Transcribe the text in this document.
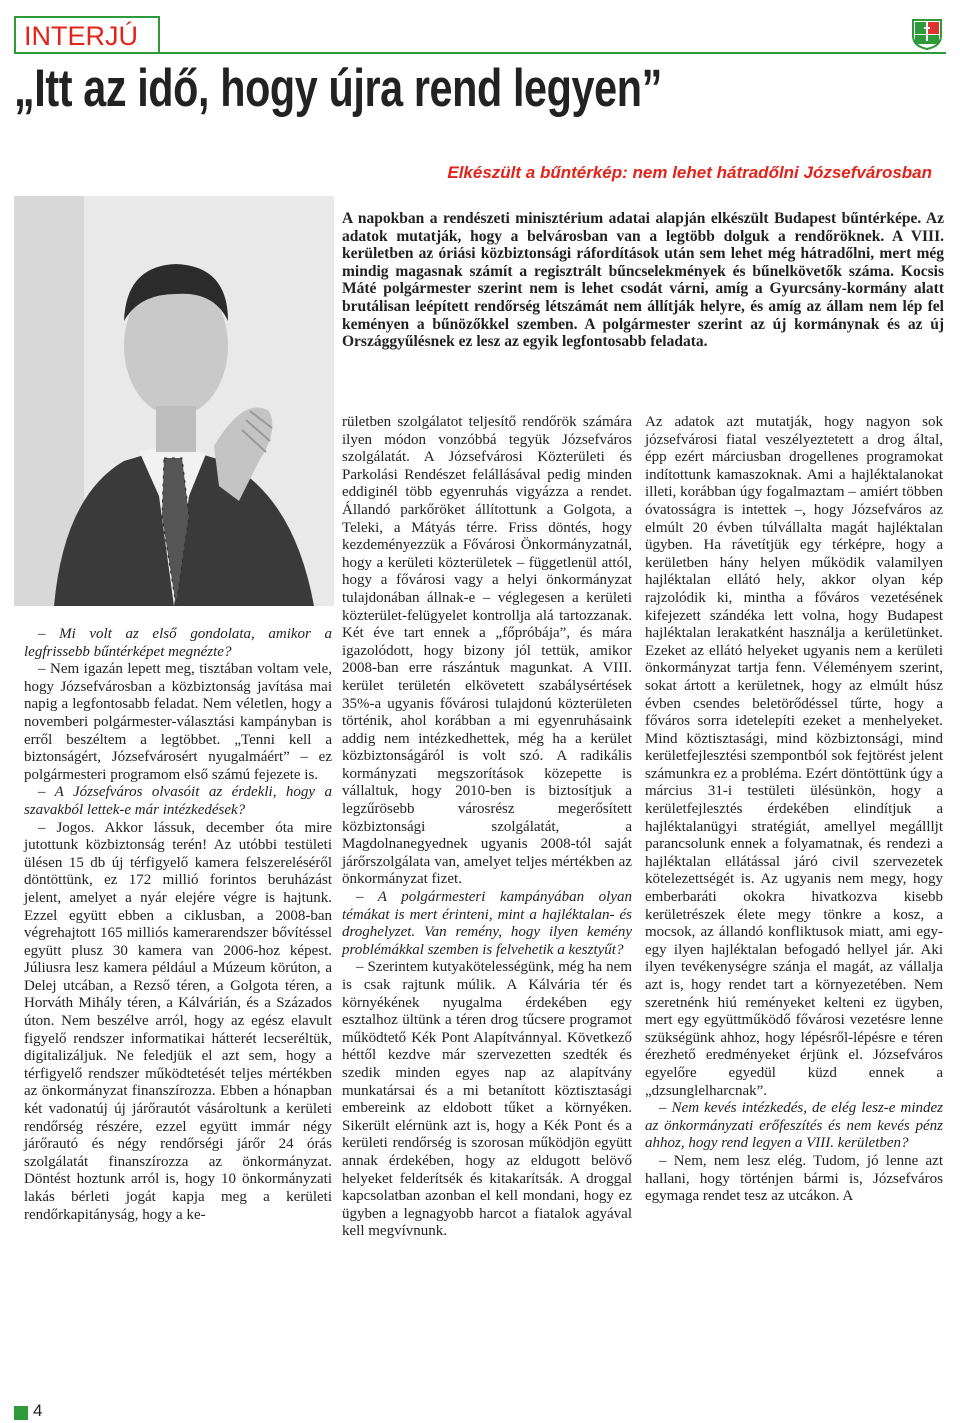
INTERJÚ
„Itt az idő, hogy újra rend legyen”
Elkészült a bűntérkép: nem lehet hátradőlni Józsefvárosban
A napokban a rendészeti minisztérium adatai alapján elkészült Budapest bűntérképe. Az adatok mutatják, hogy a belvárosban van a legtöbb dolguk a rendőröknek. A VIII. kerületben az óriási közbiztonsági ráfordítások után sem lehet még hátradőlni, mert még mindig magasnak számít a regisztrált bűncselekmények és bűnelkövetők száma. Kocsis Máté polgármester szerint nem is lehet csodát várni, amíg a Gyurcsány-kormány alatt brutálisan leépített rendőrség létszámát nem állítják helyre, és amíg az állam nem lép fel keményen a bűnözőkkel szemben. A polgármester szerint az új kormánynak és az új Országgyűlésnek ez lesz az egyik legfontosabb feladata.

– Mi volt az első gondolata, amikor a legfrissebb bűntérképet megnézte?

– Nem igazán lepett meg, tisztában voltam vele, hogy Józsefvárosban a közbiztonság javítása mai napig a legfontosabb feladat. Nem véletlen, hogy a novemberi polgármester-választási kampányban is erről beszéltem a legtöbbet. „Tenni kell a biztonságért, Józsefvárosért nyugalmáért” – ez polgármesteri programom első számú fejezete is.

– A Józsefváros olvasóit az érdekli, hogy a szavakból lettek-e már intézkedések?

– Jogos. Akkor lássuk, december óta mire jutottunk közbiztonság terén! Az utóbbi testületi ülésen 15 db új térfigyelő kamera felszereléséről döntöttünk, ez 172 millió forintos beruházást jelent, amelyet a nyár elejére végre is hajtunk. Ezzel együtt ebben a ciklusban, a 2008-ban végrehajtott 165 milliós kamerarendszer bővítéssel együtt plusz 30 kamera van 2006-hoz képest. Júliusra lesz kamera például a Múzeum körúton, a Delej utcában, a Rezső téren, a Golgota téren, a Horváth Mihály téren, a Kálvárián, és a Százados úton. Nem beszélve arról, hogy az egész elavult figyelő rendszer informatikai hátterét lecseréltük, digitalizáljuk. Ne feledjük el azt sem, hogy a térfigyelő rendszer működtetését teljes mértékben az önkormányzat finanszírozza. Ebben a hónapban két vadonatúj új járőrautót vásároltunk a kerületi rendőrség részére, ezzel együtt immár négy járőrautó és négy rendőrségi járőr 24 órás szolgálatát finanszírozza az önkormányzat. Döntést hoztunk arról is, hogy 10 önkormányzati lakás bérleti jogát kapja meg a kerületi rendőrkapitányság, hogy a ke-

rületben szolgálatot teljesítő rendőrök számára ilyen módon vonzóbbá tegyük Józsefváros szolgálatát. A Józsefvárosi Közterületi és Parkolási Rendészet felállásával pedig minden eddiginél több egyenruhás vigyázza a rendet. Állandó parkőröket állítottunk a Golgota, a Teleki, a Mátyás térre. Friss döntés, hogy kezdeményezzük a Fővárosi Önkormányzatnál, hogy a kerületi közterületek – függetlenül attól, hogy a fővárosi vagy a helyi önkormányzat tulajdonában állnak-e – véglegesen a kerületi közterület-felügyelet kontrollja alá tartozzanak. Két éve tart ennek a „főpróbája”, és mára igazolódott, hogy bizony jól tettük, amikor 2008-ban erre rászántuk magunkat. A VIII. kerület területén elkövetett szabálysértések 35%-a ugyanis fővárosi tulajdonú közterületen történik, ahol korábban a mi egyenruhásaink addig nem intézkedhettek, még ha a kerület közbiztonságáról is volt szó. A radikális kormányzati megszorítások közepette is vállaltuk, hogy 2010-ben is biztosítjuk a legzűrösebb városrész megerősített közbiztonsági szolgálatát, a Magdolnanegyednek ugyanis 2008-tól saját járőrszolgálata van, amelyet teljes mértékben az önkormányzat fizet.

– A polgármesteri kampányában olyan témákat is mert érinteni, mint a hajléktalan- és droghelyzet. Van remény, hogy ilyen kemény problémákkal szemben is felvehetik a kesztyűt?

– Szerintem kutyakötelességünk, még ha nem is csak rajtunk múlik. A Kálvária tér és környékének nyugalma érdekében egy esztalhoz ültünk a téren drog tűcsere programot működtető Kék Pont Alapítvánnyal. Következő héttől kezdve már szervezetten szedték és szedik minden egyes nap az alapítvány munkatársai és a mi betanított köztisztasági embereink az eldobott tűket a környéken. Sikerült elérnünk azt is, hogy a Kék Pont és a kerületi rendőrség is szorosan működjön együtt annak érdekében, hogy az eldugott belövő helyeket felderítsék és kitakarítsák. A droggal kapcsolatban azonban el kell mondani, hogy ez ügyben a legnagyobb harcot a fiatalok agyával kell megvívnunk.

Az adatok azt mutatják, hogy nagyon sok józsefvárosi fiatal veszélyeztetett a drog által, épp ezért márciusban drogellenes programokat indítottunk kamaszoknak. Ami a hajléktalanokat illeti, korábban úgy fogalmaztam – amiért többen óvatosságra is intettek –, hogy Józsefváros az elmúlt 20 évben túlvállalta magát hajléktalan ügyben. Ha rávetítjük egy térképre, hogy a kerületben hány helyen működik valamilyen hajléktalan ellátó hely, akkor olyan kép rajzolódik ki, mintha a főváros vezetésének kifejezett szándéka lett volna, hogy Budapest hajléktalan lerakatként használja a kerületünket. Ezeket az ellátó helyeket ugyanis nem a kerületi önkormányzat tartja fenn. Véleményem szerint, sokat ártott a kerületnek, hogy az elmúlt húsz évben csendes beletörődéssel tűrte, hogy a főváros sorra idetelepíti ezeket a menhelyeket. Mind köztisztasági, mind közbiztonsági, mind kerületfejlesztési szempontból sok fejtörést jelent számunkra ez a probléma. Ezért döntöttünk úgy a március 31-i testületi ülésünkön, hogy a kerületfejlesztés érdekében elindítjuk a hajléktalanügyi stratégiát, amellyel megállljt parancsolunk ennek a folyamatnak, és rendezi a hajléktalan ellátással járó civil szervezetek kötelezettségét is. Az ugyanis nem megy, hogy emberbaráti okokra hivatkozva kisebb kerületrészek élete megy tönkre a kosz, a mocsok, az állandó konfliktusok miatt, ami egy-egy ilyen hajléktalan befogadó hellyel jár. Aki ilyen tevékenységre szánja el magát, az vállalja azt is, hogy rendet tart a környezetében. Nem szeretnénk hiú reményeket kelteni ez ügyben, mert egy együttműködő fővárosi vezetésre lenne szükségünk ahhoz, hogy lépésről-lépésre e téren érezhető eredményeket érjünk el. Józsefváros egyelőre egyedül küzd ennek a „dzsunglelharcnak”.

– Nem kevés intézkedés, de elég lesz-e mindez az önkormányzati erőfeszítés és nem kevés pénz ahhoz, hogy rend legyen a VIII. kerületben?

– Nem, nem lesz elég. Tudom, jó lenne azt hallani, hogy történjen bármi is, Józsefváros egymaga rendet tesz az utcákon. A

4
